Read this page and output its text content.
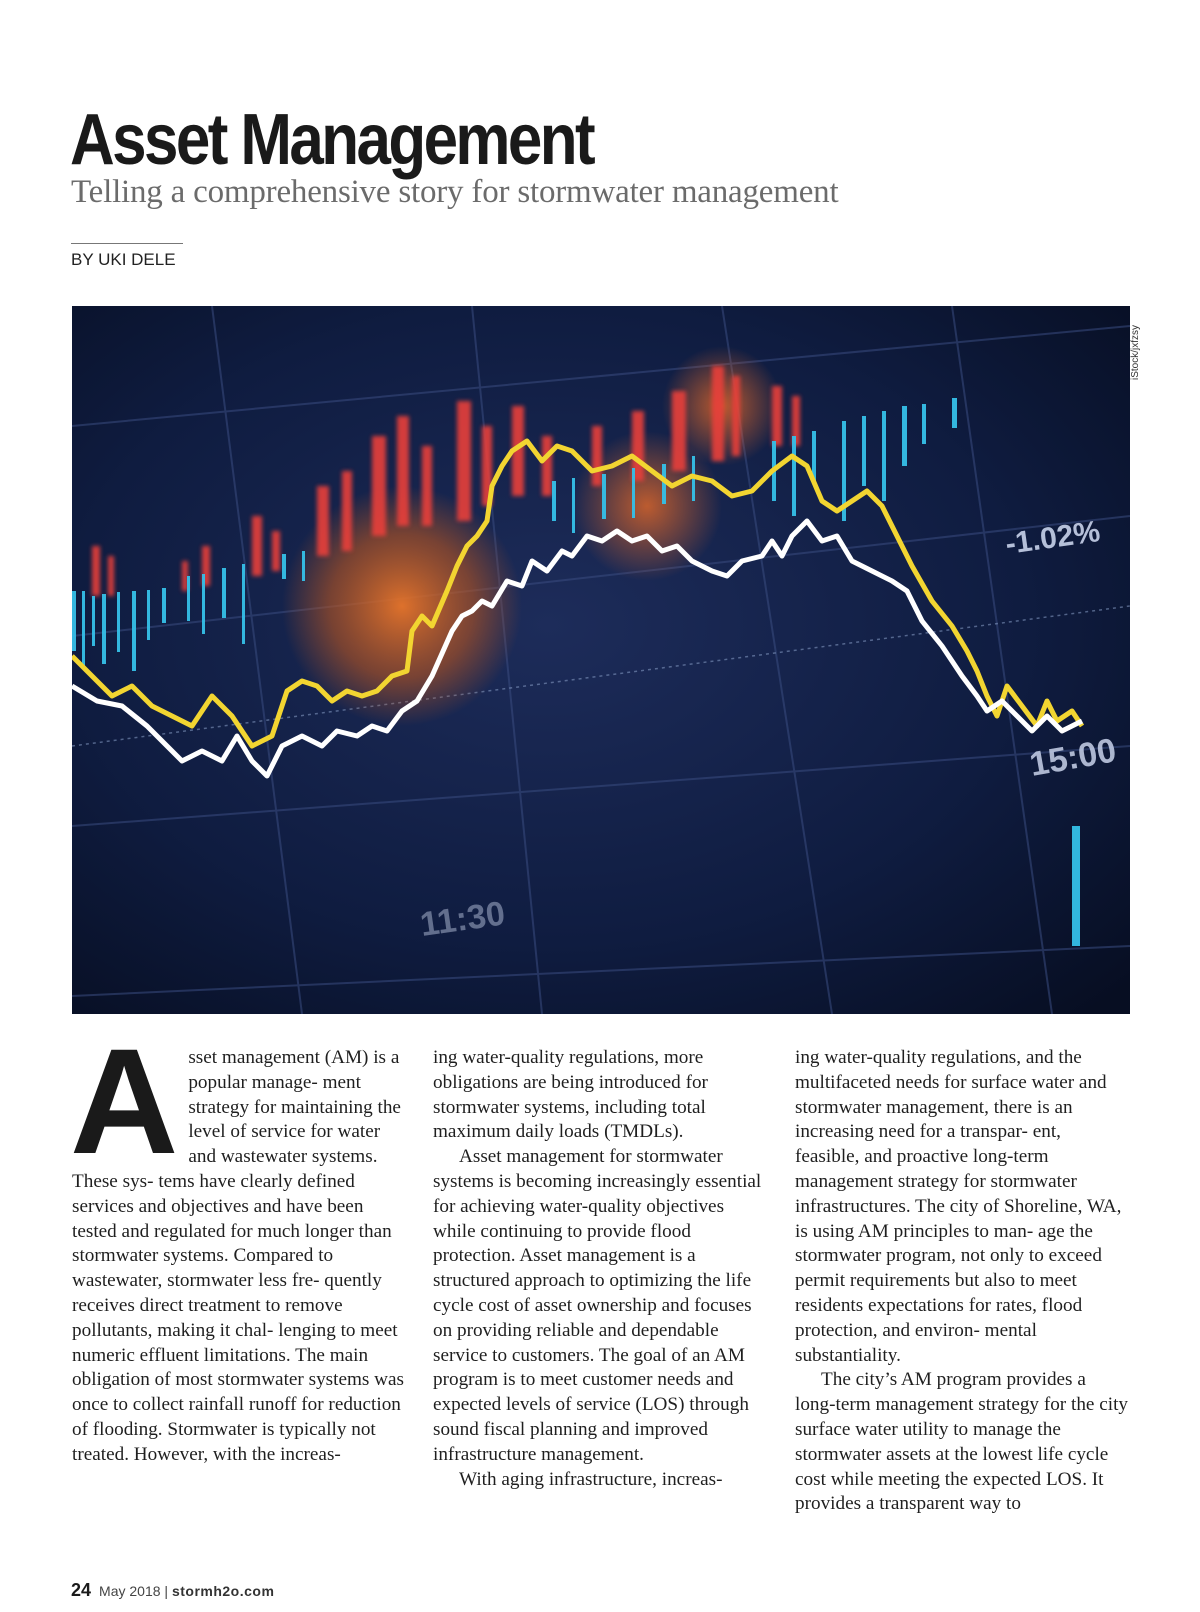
Asset Management
Telling a comprehensive story for stormwater management
BY UKI DELE
-1.02%
15:00
11:30
iStock/jxfzsy
A sset management (AM) is a popular manage- ment strategy for maintaining the level of service for water and wastewater systems. These sys- tems have clearly defined services and objectives and have been tested and regulated for much longer than stormwater systems. Compared to wastewater, stormwater less fre- quently receives direct treatment to remove pollutants, making it chal- lenging to meet numeric effluent limitations. The main obligation of most stormwater systems was once to collect rainfall runoff for reduction of flooding. Stormwater is typically not treated. However, with the increas-

ing water-quality regulations, more obligations are being introduced for stormwater systems, including total maximum daily loads (TMDLs).

Asset management for stormwater systems is becoming increasingly essential for achieving water-quality objectives while continuing to provide flood protection. Asset management is a structured approach to optimizing the life cycle cost of asset ownership and focuses on providing reliable and dependable service to customers. The goal of an AM program is to meet customer needs and expected levels of service (LOS) through sound fiscal planning and improved infrastructure management.

With aging infrastructure, increas-

ing water-quality regulations, and the multifaceted needs for surface water and stormwater management, there is an increasing need for a transpar- ent, feasible, and proactive long-term management strategy for stormwater infrastructures. The city of Shoreline, WA, is using AM principles to man- age the stormwater program, not only to exceed permit requirements but also to meet residents expectations for rates, flood protection, and environ- mental substantiality.

The city’s AM program provides a long-term management strategy for the city surface water utility to manage the stormwater assets at the lowest life cycle cost while meeting the expected LOS. It provides a transparent way to

24 May 2018 | stormh2o.com
